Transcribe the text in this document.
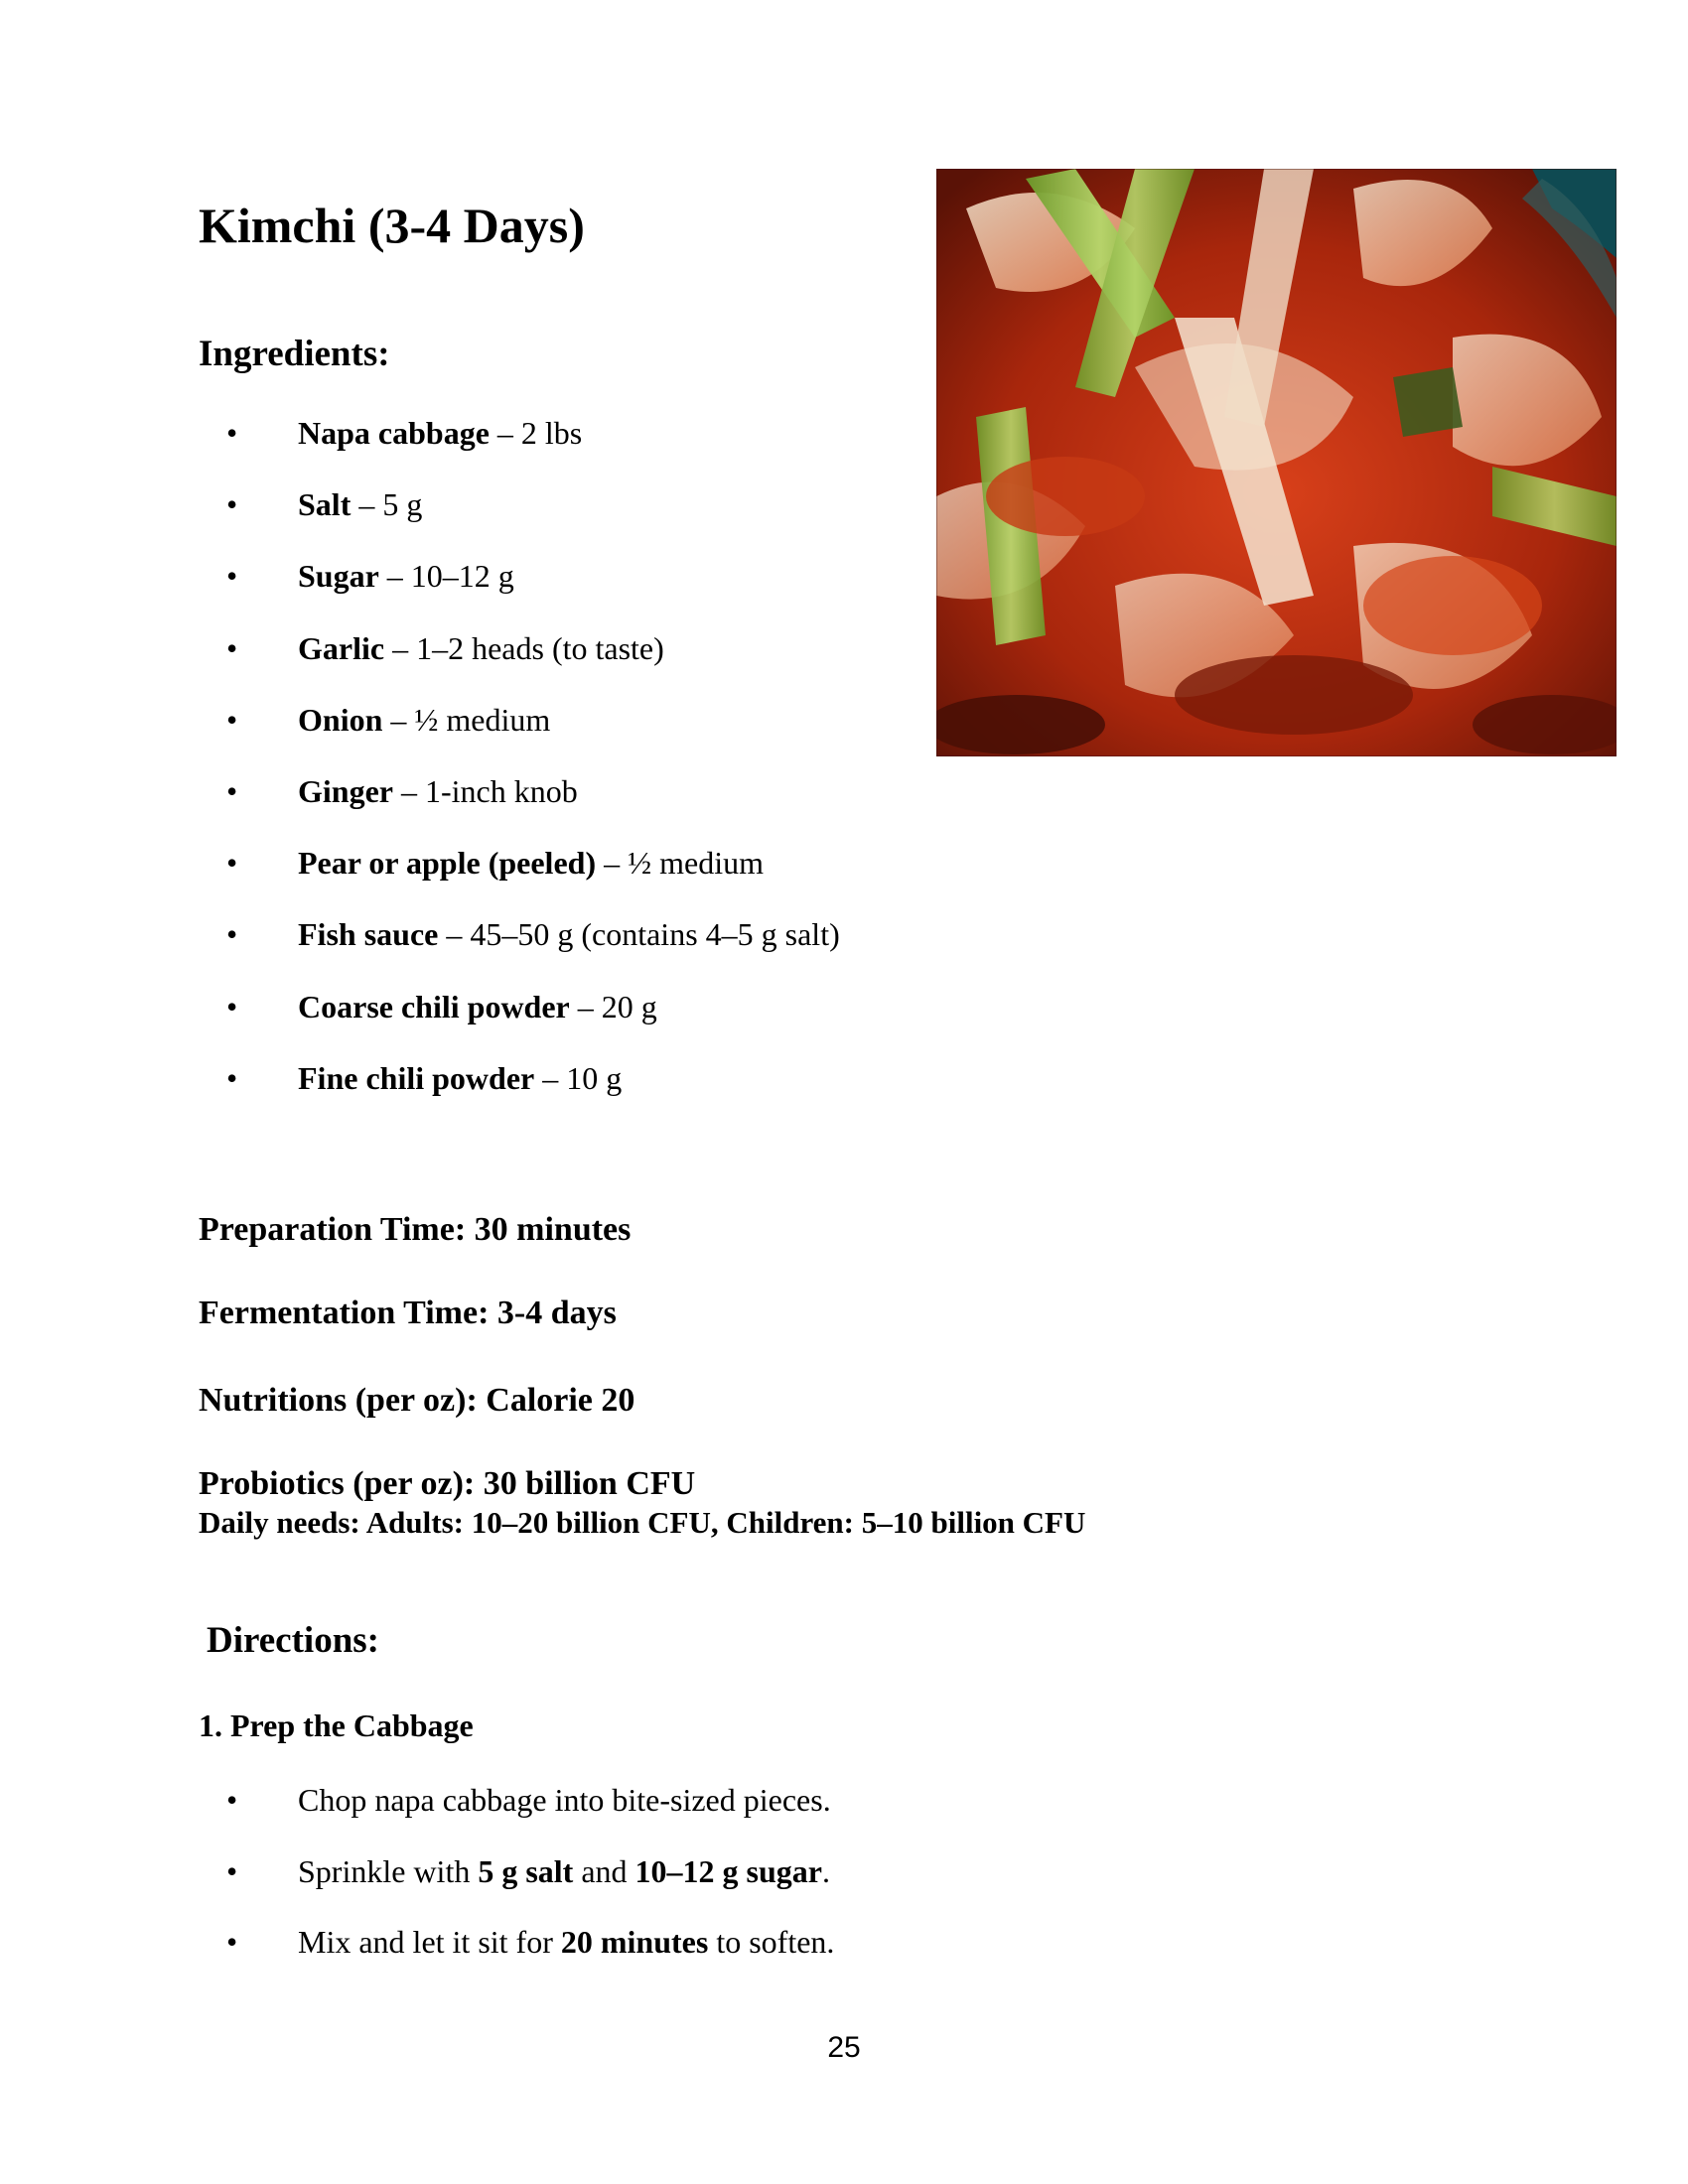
Kimchi (3-4 Days)
Ingredients:
• Napa cabbage – 2 lbs
• Salt – 5 g
• Sugar – 10–12 g
• Garlic – 1–2 heads (to taste)
• Onion – ½ medium
• Ginger – 1-inch knob
• Pear or apple (peeled) – ½ medium
• Fish sauce – 45–50 g (contains 4–5 g salt)
• Coarse chili powder – 20 g
• Fine chili powder – 10 g
Preparation Time: 30 minutes
Fermentation Time: 3-4 days
Nutritions (per oz): Calorie 20
Probiotics (per oz): 30 billion CFU
Daily needs: Adults: 10–20 billion CFU, Children: 5–10 billion CFU
Directions:
1. Prep the Cabbage
• Chop napa cabbage into bite-sized pieces.
• Sprinkle with 5 g salt and 10–12 g sugar.
• Mix and let it sit for 20 minutes to soften.
25
